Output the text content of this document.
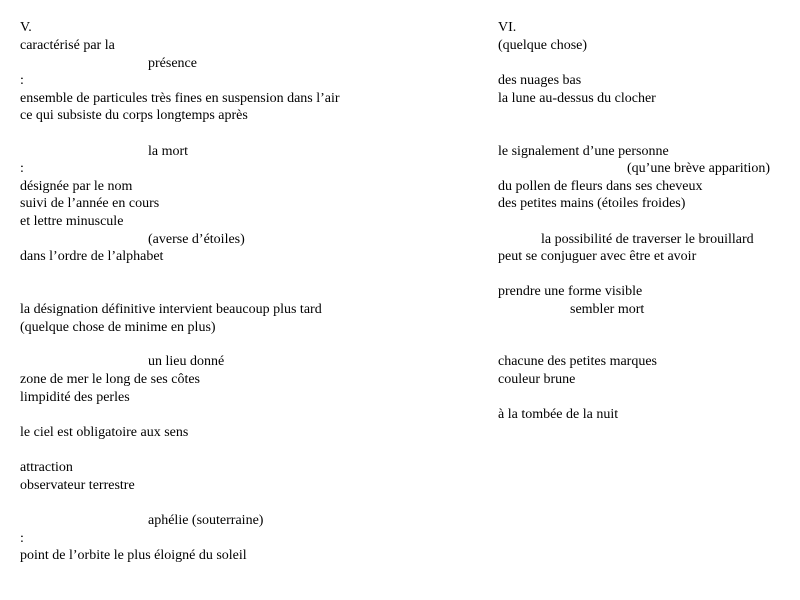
V.
caractérisé par la
présence
:
ensemble de particules très fines en suspension dans l’air
ce qui subsiste du corps longtemps après
la mort
:
désignée par le nom
suivi de l’année en cours
et lettre minuscule
(averse d’étoiles)
dans l’ordre de l’alphabet
la désignation définitive intervient beaucoup plus tard
(quelque chose de minime en plus)
un lieu donné
zone de mer le long de ses côtes
limpidité des perles
le ciel est obligatoire aux sens
attraction
observateur terrestre
aphélie (souterraine)
:
point de l’orbite le plus éloigné du soleil
VI.
(quelque chose)
des nuages bas
la lune au-dessus du clocher
le signalement d’une personne
(qu’une brève apparition)
du pollen de fleurs dans ses cheveux
des petites mains (étoiles froides)
la possibilité de traverser le brouillard
peut se conjuguer avec être et avoir
prendre une forme visible
sembler mort
chacune des petites marques
couleur brune
à la tombée de la nuit
